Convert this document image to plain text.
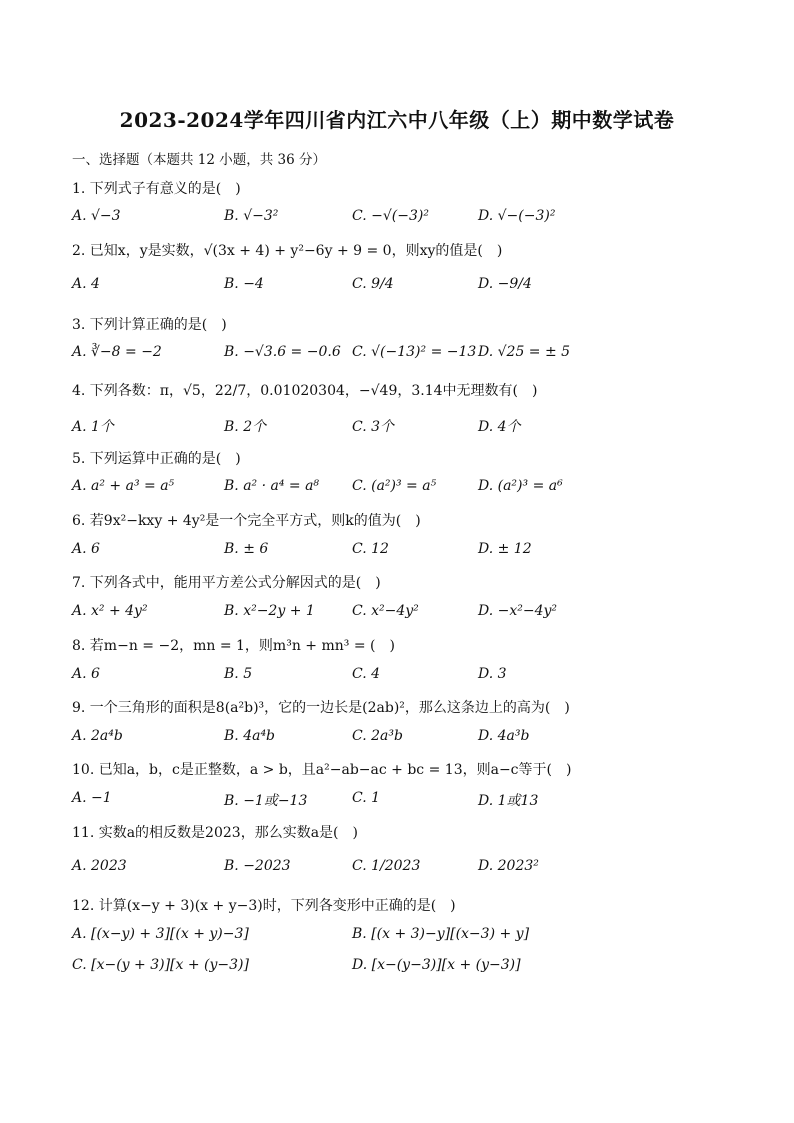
2023-2024学年四川省内江六中八年级（上）期中数学试卷
一、选择题（本题共 12 小题，共 36 分）
1. 下列式子有意义的是(　)
A. √−3	B. √−3²	C. −√(−3)²	D. √−(−3)²
2. 已知x，y是实数，√(3x + 4) + y²−6y + 9 = 0，则xy的值是(　)
A. 4	B. −4	C. 9/4	D. −9/4
3. 下列计算正确的是(　)
A. ∛−8 = −2	B. −√3.6 = −0.6 C. √(−13)² = −13 D. √25 = ± 5
4. 下列各数：π，√5，22/7，0.01020304，−√49，3.14中无理数有(　)
A. 1个	B. 2个	C. 3个	D. 4个
5. 下列运算中正确的是(　)
A. a² + a³ = a⁵	B. a² · a⁴ = a⁸ C. (a²)³ = a⁵	D. (a²)³ = a⁶
6. 若9x²−kxy + 4y²是一个完全平方式，则k的值为(　)
A. 6	B. ± 6	C. 12	D. ± 12
7. 下列各式中，能用平方差公式分解因式的是(　)
A. x² + 4y²	B. x²−2y + 1	C. x²−4y²	D. −x²−4y²
8. 若m−n = −2，mn = 1，则m³n + mn³ = (　)
A. 6	B. 5	C. 4	D. 3
9. 一个三角形的面积是8(a²b)³，它的一边长是(2ab)²，那么这条边上的高为(　)
A. 2a⁴b	B. 4a⁴b	C. 2a³b	D. 4a³b
10. 已知a，b，c是正整数，a > b，且a²−ab−ac + bc = 13，则a−c等于(　)
A. −1	B. −1或−13	C. 1	D. 1或13
11. 实数a的相反数是2023，那么实数a是(　)
A. 2023	B. −2023	C. 1/2023	D. 2023²
12. 计算(x−y + 3)(x + y−3)时，下列各变形中正确的是(　)
A. [(x−y) + 3][(x + y)−3]	B. [(x + 3)−y][(x−3) + y]
C. [x−(y + 3)][x + (y−3)]	D. [x−(y−3)][x + (y−3)]
